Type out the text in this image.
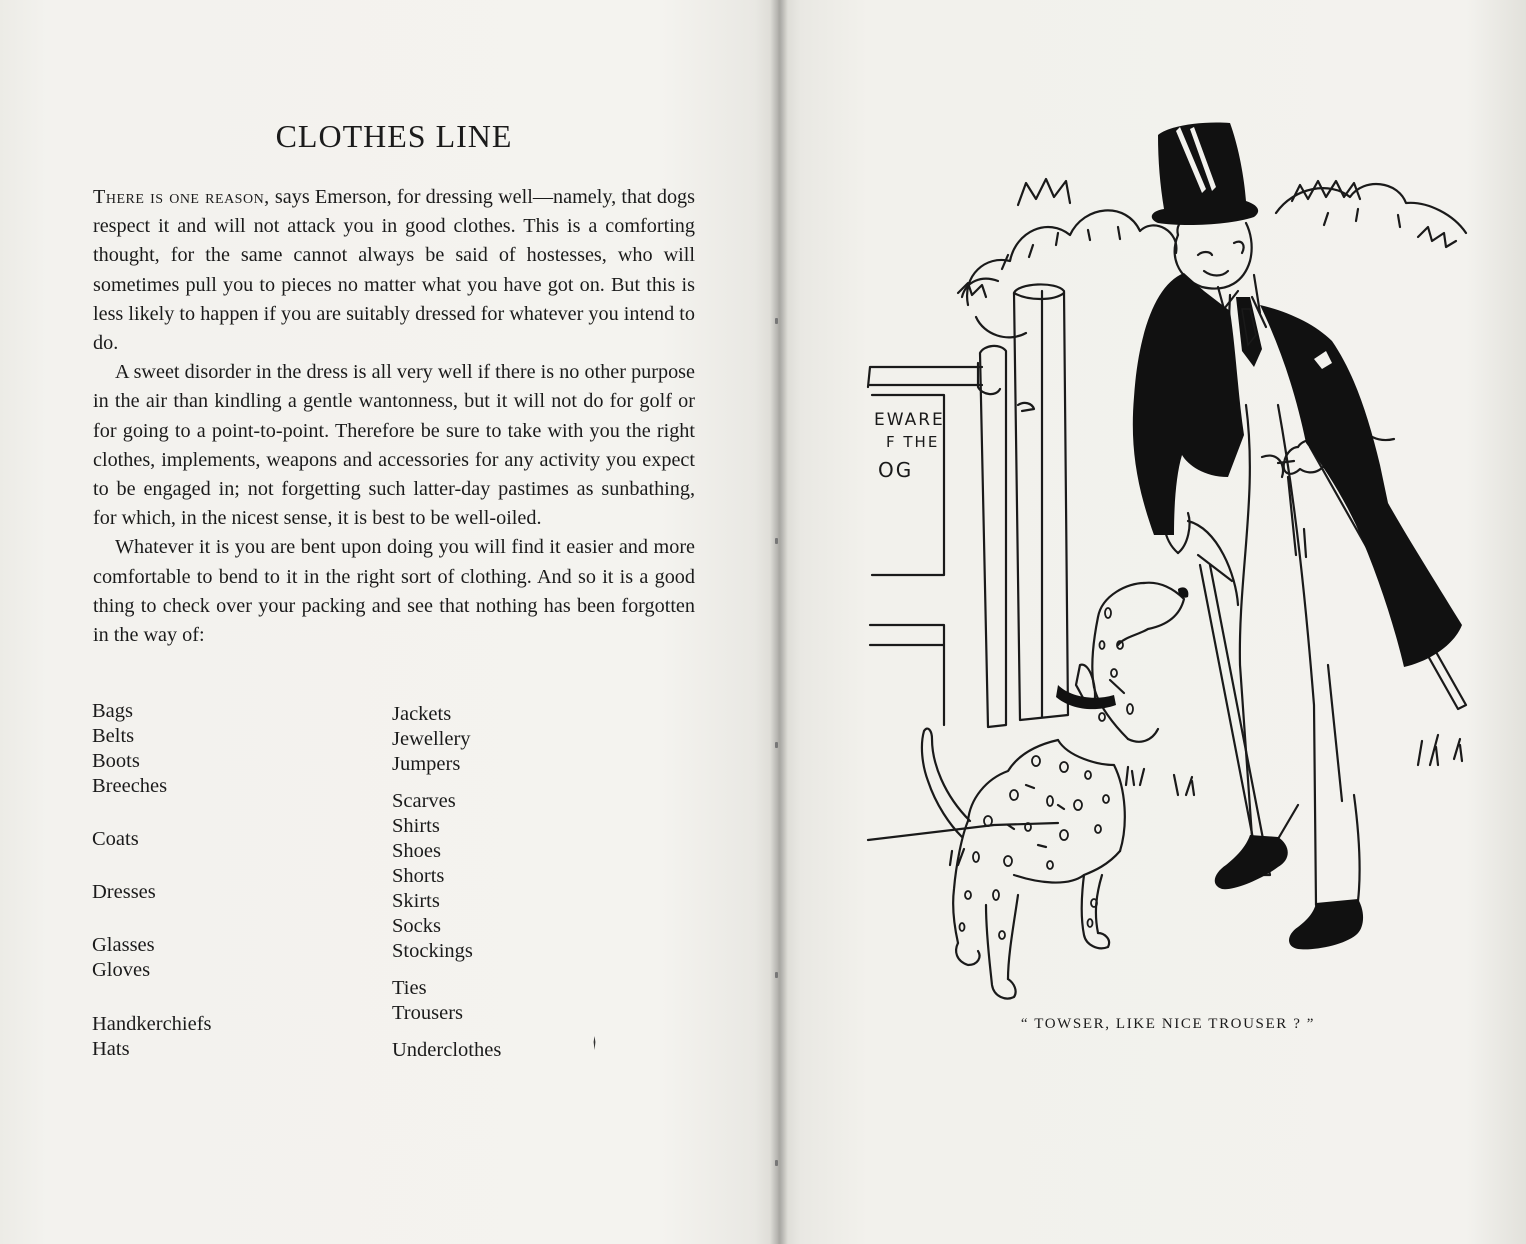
CLOTHES LINE

There is one reason, says Emerson, for dressing well—namely, that dogs respect it and will not attack you in good clothes. This is a comforting thought, for the same cannot always be said of hostesses, who will sometimes pull you to pieces no matter what you have got on. But this is less likely to happen if you are suitably dressed for whatever you intend to do.

A sweet disorder in the dress is all very well if there is no other purpose in the air than kindling a gentle wantonness, but it will not do for golf or for going to a point-to-point. Therefore be sure to take with you the right clothes, implements, weapons and accessories for any activity you expect to be engaged in; not forgetting such latter-day pastimes as sunbathing, for which, in the nicest sense, it is best to be well-oiled.

Whatever it is you are bent upon doing you will find it easier and more comfortable to bend to it in the right sort of clothing. And so it is a good thing to check over your packing and see that nothing has been forgotten in the way of:

Bags
Belts
Boots
Breeches
Coats
Dresses
Glasses
Gloves
Handkerchiefs
Hats
Jackets
Jewellery
Jumpers
Scarves
Shirts
Shoes
Shorts
Skirts
Socks
Stockings
Ties
Trousers
Underclothes
EWARE
F THE
OG
“ TOWSER, LIKE NICE TROUSER ? ”
